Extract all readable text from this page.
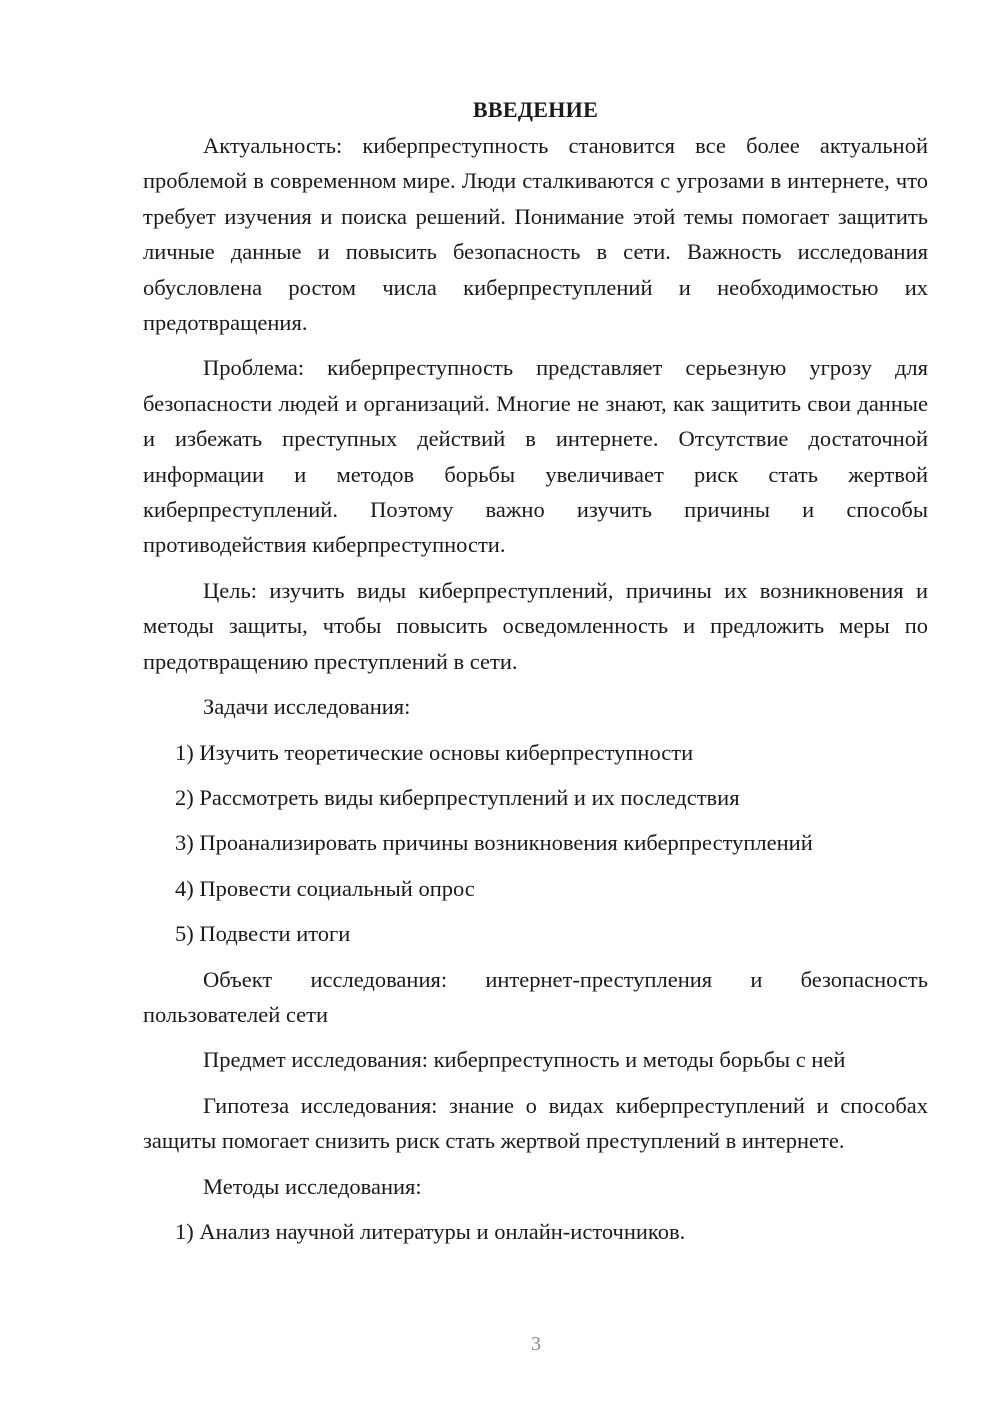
ВВЕДЕНИЕ

Актуальность: киберпреступность становится все более актуальной проблемой в современном мире. Люди сталкиваются с угрозами в интернете, что требует изучения и поиска решений. Понимание этой темы помогает защитить личные данные и повысить безопасность в сети. Важность исследования обусловлена ростом числа киберпреступлений и необходимостью их предотвращения.

Проблема: киберпреступность представляет серьезную угрозу для безопасности людей и организаций. Многие не знают, как защитить свои данные и избежать преступных действий в интернете. Отсутствие достаточной информации и методов борьбы увеличивает риск стать жертвой киберпреступлений. Поэтому важно изучить причины и способы противодействия киберпреступности.

Цель: изучить виды киберпреступлений, причины их возникновения и методы защиты, чтобы повысить осведомленность и предложить меры по предотвращению преступлений в сети.

Задачи исследования:

1) Изучить теоретические основы киберпреступности

2) Рассмотреть виды киберпреступлений и их последствия

3) Проанализировать причины возникновения киберпреступлений

4) Провести социальный опрос

5) Подвести итоги

Объект исследования: интернет-преступления и безопасность пользователей сети

Предмет исследования: киберпреступность и методы борьбы с ней

Гипотеза исследования: знание о видах киберпреступлений и способах защиты помогает снизить риск стать жертвой преступлений в интернете.

Методы исследования:

1) Анализ научной литературы и онлайн-источников.

3
